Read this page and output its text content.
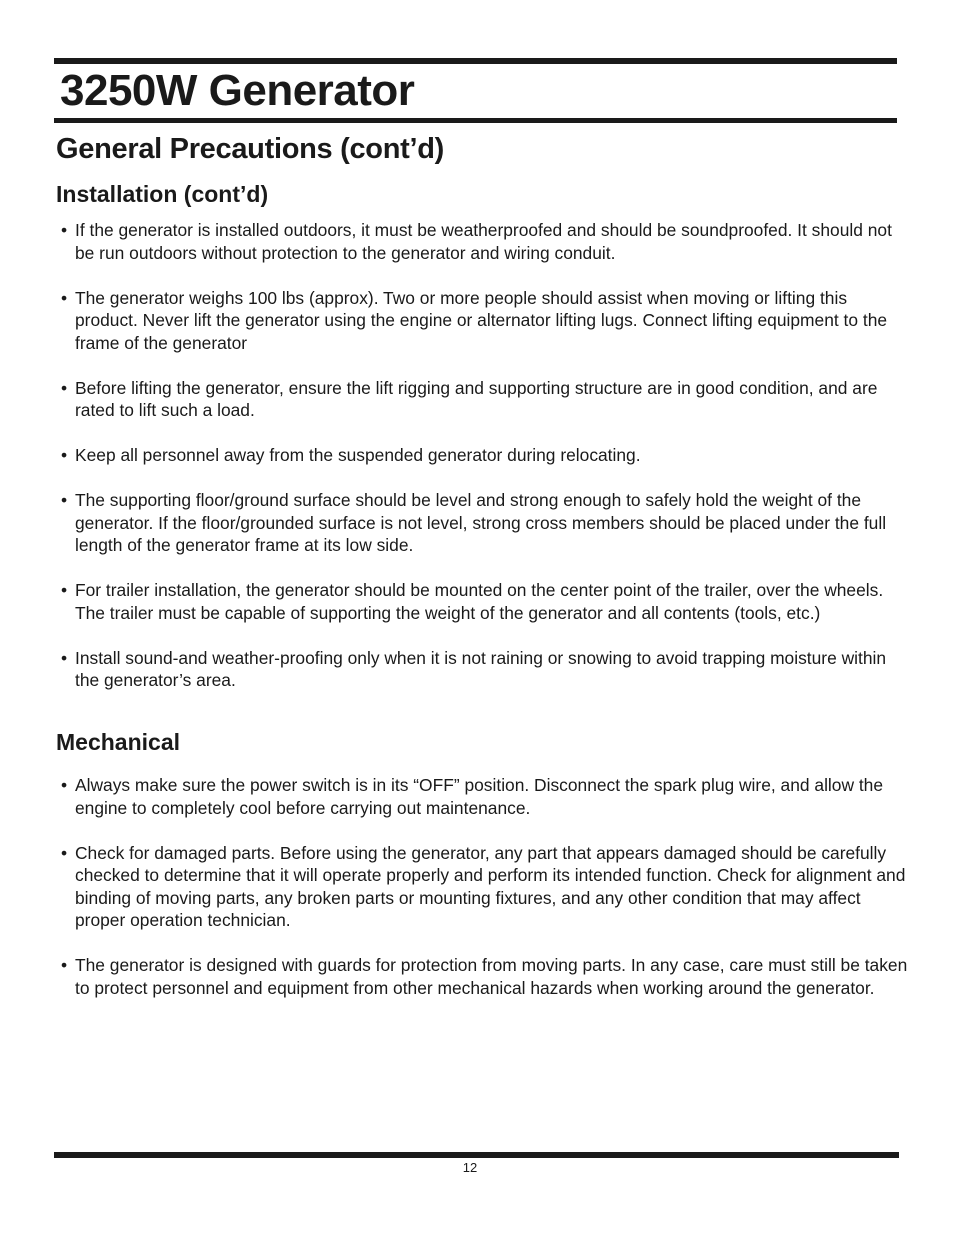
3250W Generator
General Precautions (cont’d)
Installation (cont’d)
• If the generator is installed outdoors, it must be weatherproofed and should be soundproofed. It should not be run outdoors without protection to the generator and wiring conduit.
• The generator weighs 100 lbs (approx). Two or more people should assist when moving or lifting this product. Never lift the generator using the engine or alternator lifting lugs. Connect lifting equipment to the frame of the generator
• Before lifting the generator, ensure the lift rigging and supporting structure are in good condition, and are rated to lift such a load.
• Keep all personnel away from the suspended generator during relocating.
• The supporting floor/ground surface should be level and strong enough to safely hold the weight of the generator. If the floor/grounded surface is not level, strong cross members should be placed under the full length of the generator frame at its low side.
• For trailer installation, the generator should be mounted on the center point of the trailer, over the wheels. The trailer must be capable of supporting the weight of the generator and all contents (tools, etc.)
• Install sound-and weather-proofing only when it is not raining or snowing to avoid trapping moisture within the generator’s area.
Mechanical
• Always make sure the power switch is in its “OFF” position. Disconnect the spark plug wire, and allow the engine to completely cool before carrying out maintenance.
• Check for damaged parts. Before using the generator, any part that appears damaged should be carefully checked to determine that it will operate properly and perform its intended function. Check for alignment and binding of moving parts, any broken parts or mounting fixtures, and any other condition that may affect proper operation technician.
• The generator is designed with guards for protection from moving parts. In any case, care must still be taken to protect personnel and equipment from other mechanical hazards when working around the generator.
12
